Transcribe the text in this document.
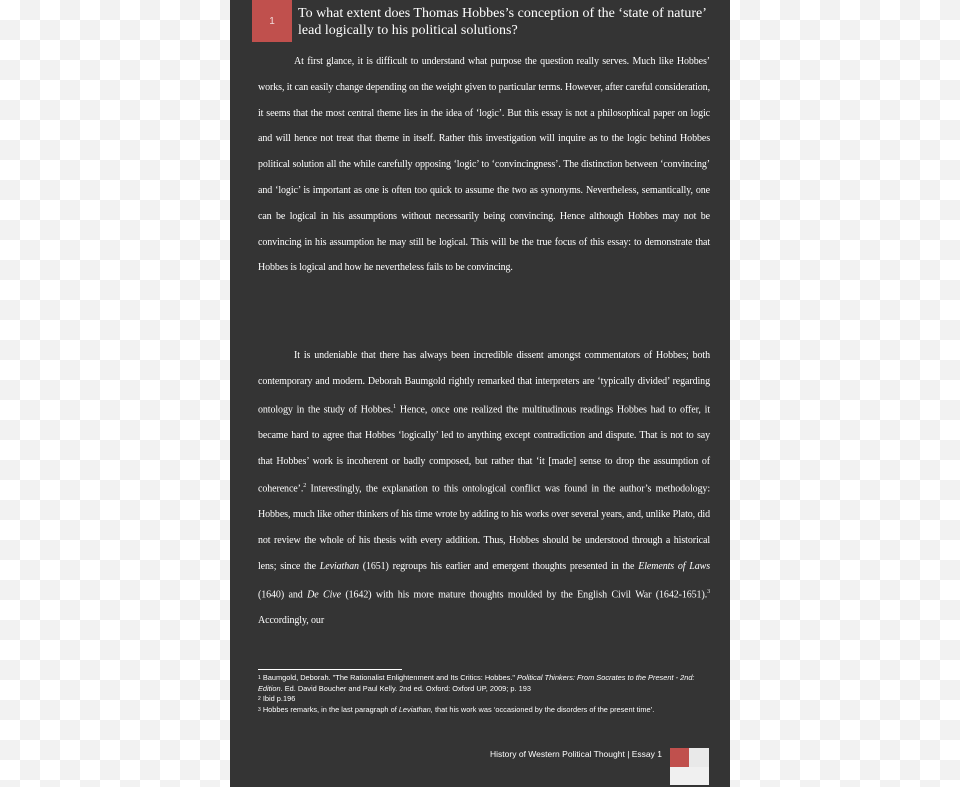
1 To what extent does Thomas Hobbes’s conception of the ‘state of nature’ lead logically to his political solutions?

At first glance, it is difficult to understand what purpose the question really serves. Much like Hobbes’ works, it can easily change depending on the weight given to particular terms. However, after careful consideration, it seems that the most central theme lies in the idea of ‘logic’. But this essay is not a philosophical paper on logic and will hence not treat that theme in itself. Rather this investigation will inquire as to the logic behind Hobbes political solution all the while carefully opposing ‘logic’ to ‘convincingness’. The distinction between ‘convincing’ and ‘logic’ is important as one is often too quick to assume the two as synonyms. Nevertheless, semantically, one can be logical in his assumptions without necessarily being convincing. Hence although Hobbes may not be convincing in his assumption he may still be logical. This will be the true focus of this essay: to demonstrate that Hobbes is logical and how he nevertheless fails to be convincing.

It is undeniable that there has always been incredible dissent amongst commentators of Hobbes; both contemporary and modern. Deborah Baumgold rightly remarked that interpreters are ‘typically divided’ regarding ontology in the study of Hobbes.$^1$ Hence, once one realized the multitudinous readings Hobbes had to offer, it became hard to agree that Hobbes ‘logically’ led to anything except contradiction and dispute. That is not to say that Hobbes’ work is incoherent or badly composed, but rather that ‘it [made] sense to drop the assumption of coherence’.$^2$ Interestingly, the explanation to this ontological conflict was found in the author’s methodology: Hobbes, much like other thinkers of his time wrote by adding to his works over several years, and, unlike Plato, did not review the whole of his thesis with every addition. Thus, Hobbes should be understood through a historical lens; since the Leviathan (1651) regroups his earlier and emergent thoughts presented in the Elements of Laws (1640) and De Cive (1642) with his more mature thoughts moulded by the English Civil War (1642-1651).$^3$ Accordingly, our

$^1$ Baumgold, Deborah. "The Rationalist Enlightenment and Its Critics: Hobbes." Political Thinkers: From Socrates to the Present - 2nd: Edition. Ed. David Boucher and Paul Kelly. 2nd ed. Oxford: Oxford UP, 2009; p. 193
$^2$ Ibid p.196
$^3$ Hobbes remarks, in the last paragraph of Leviathan, that his work was ‘occasioned by the disorders of the present time’.
History of Western Political Thought | Essay 1
